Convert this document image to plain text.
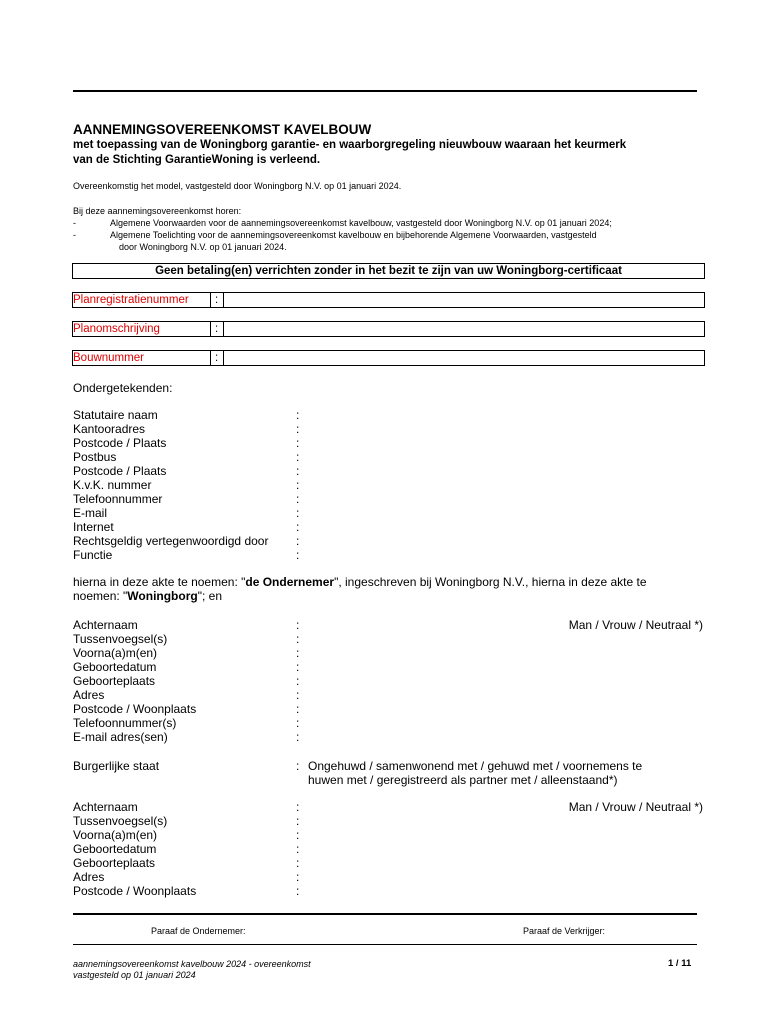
AANNEMINGSOVEREENKOMST KAVELBOUW
met toepassing van de Woningborg garantie- en waarborgregeling nieuwbouw waaraan het keurmerk
van de Stichting GarantieWoning is verleend.
Overeenkomstig het model, vastgesteld door Woningborg N.V. op 01 januari 2024.
Bij deze aannemingsovereenkomst horen:
-	Algemene Voorwaarden voor de aannemingsovereenkomst kavelbouw, vastgesteld door Woningborg N.V. op 01 januari 2024;
-	Algemene Toelichting voor de aannemingsovereenkomst kavelbouw en bijbehorende Algemene Voorwaarden, vastgesteld
door Woningborg N.V. op 01 januari 2024.
Geen betaling(en) verrichten zonder in het bezit te zijn van uw Woningborg-certificaat
Planregistratienummer	:
Planomschrijving	:
Bouwnummer	:
Ondergetekenden:
Statutaire naam	:
Kantooradres	:
Postcode / Plaats	:
Postbus	:
Postcode / Plaats	:
K.v.K. nummer	:
Telefoonnummer	:
E-mail	:
Internet	:
Rechtsgeldig vertegenwoordigd door :
Functie	:
hierna in deze akte te noemen: "de Ondernemer", ingeschreven bij Woningborg N.V., hierna in deze akte te
noemen: "Woningborg"; en
Achternaam	:	Man / Vrouw / Neutraal *)
Tussenvoegsel(s)	:
Voorna(a)m(en)	:
Geboortedatum	:
Geboorteplaats	:
Adres	:
Postcode / Woonplaats	:
Telefoonnummer(s)	:
E-mail adres(sen)	:
Burgerlijke staat	: Ongehuwd / samenwonend met / gehuwd met / voornemens te
huwen met / geregistreerd als partner met / alleenstaand*)
Achternaam	:	Man / Vrouw / Neutraal *)
Tussenvoegsel(s)	:
Voorna(a)m(en)	:
Geboortedatum	:
Geboorteplaats	:
Adres	:
Postcode / Woonplaats	:
Paraaf de Ondernemer:	Paraaf de Verkrijger:
aannemingsovereenkomst kavelbouw 2024 - overeenkomst
vastgesteld op 01 januari 2024
1 / 11
